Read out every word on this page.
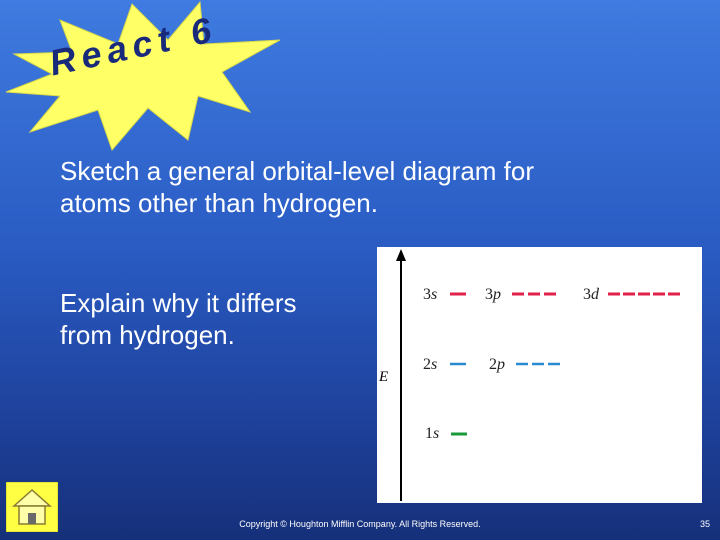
React 6
Sketch a general orbital-level diagram for
atoms other than hydrogen.
Explain why it differs
from hydrogen.
E
3 s	3 p	3 d
2 s	2 p
1 s
Copyright © Houghton Mifflin Company. All Rights Reserved.	35
